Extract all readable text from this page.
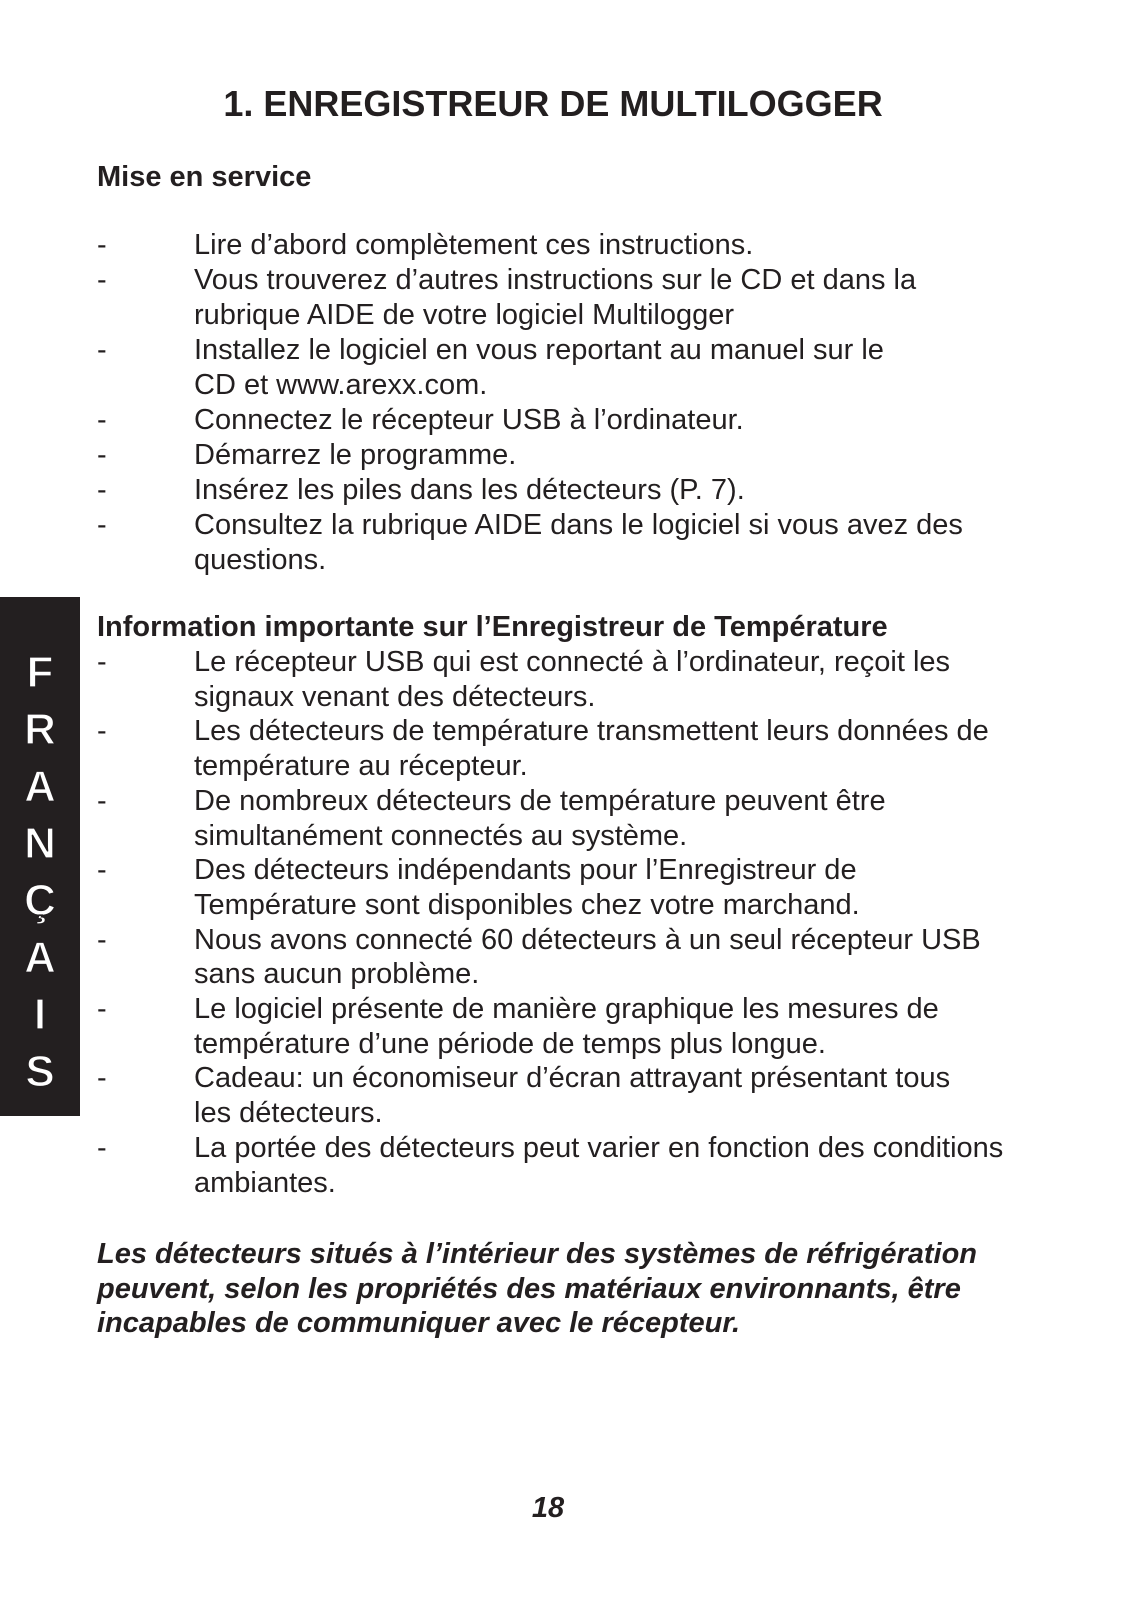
1. ENREGISTREUR DE MULTILOGGER
Mise en service
-	Lire d’abord complètement ces instructions.
-	Vous trouverez d’autres instructions sur le CD et dans la
rubrique AIDE de votre logiciel Multilogger
-	Installez le logiciel en vous reportant au manuel sur le
CD et www.arexx.com.
-	Connectez le récepteur USB à l’ordinateur.
-	Démarrez le programme.
-	Insérez les piles dans les détecteurs (P. 7).
-	Consultez la rubrique AIDE dans le logiciel si vous avez des
questions.
Information importante sur l’Enregistreur de Température
-	Le récepteur USB qui est connecté à l’ordinateur, reçoit les
signaux venant des détecteurs.
-	Les détecteurs de température transmettent leurs données de
température au récepteur.
-	De nombreux détecteurs de température peuvent être
simultanément connectés au système.
-	Des détecteurs indépendants pour l’Enregistreur de
Température sont disponibles chez votre marchand.
-	Nous avons connecté 60 détecteurs à un seul récepteur USB
sans aucun problème.
-	Le logiciel présente de manière graphique les mesures de
température d’une période de temps plus longue.
-	Cadeau: un économiseur d’écran attrayant présentant tous
les détecteurs.
-	La portée des détecteurs peut varier en fonction des conditions
ambiantes.
Les détecteurs situés à l’intérieur des systèmes de réfrigération
peuvent, selon les propriétés des matériaux environnants, être
incapables de communiquer avec le récepteur.
F
R
A
N
Ç
A
I
S
18
